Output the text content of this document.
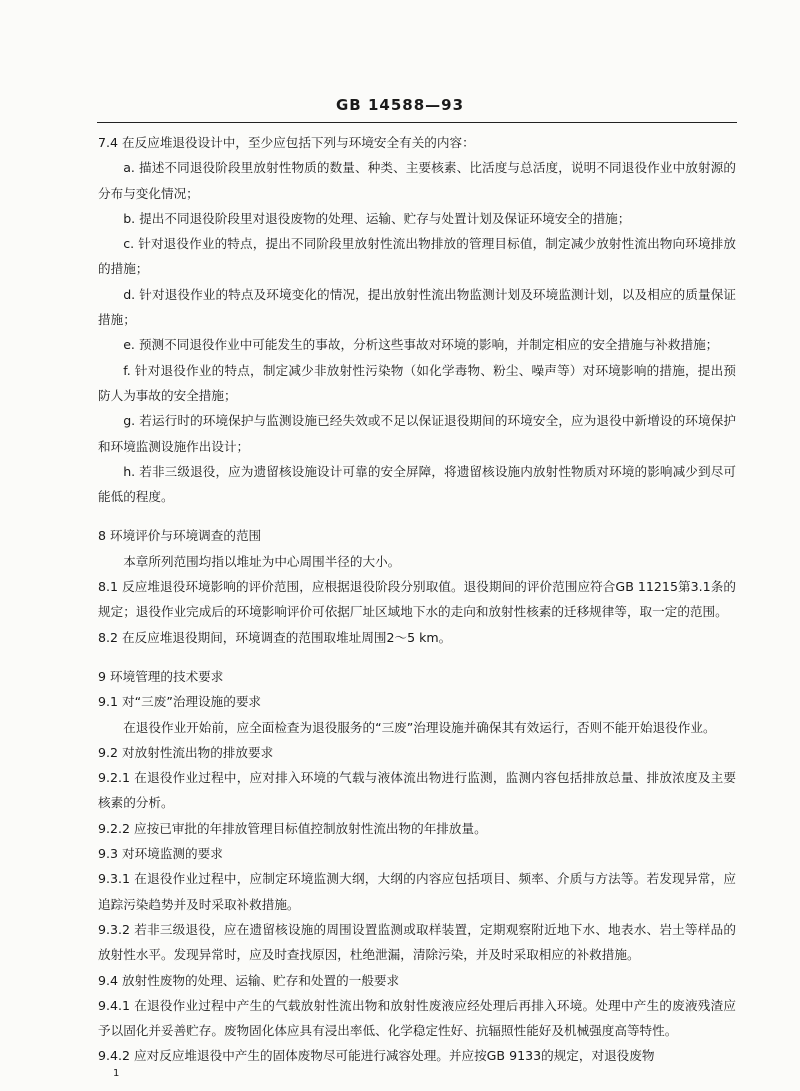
GB 14588—93

7.4 在反应堆退役设计中，至少应包括下列与环境安全有关的内容：

a. 描述不同退役阶段里放射性物质的数量、种类、主要核素、比活度与总活度，说明不同退役作业中放射源的分布与变化情况；

b. 提出不同退役阶段里对退役废物的处理、运输、贮存与处置计划及保证环境安全的措施；

c. 针对退役作业的特点，提出不同阶段里放射性流出物排放的管理目标值，制定减少放射性流出物向环境排放的措施；

d. 针对退役作业的特点及环境变化的情况，提出放射性流出物监测计划及环境监测计划，以及相应的质量保证措施；

e. 预测不同退役作业中可能发生的事故，分析这些事故对环境的影响，并制定相应的安全措施与补救措施；

f. 针对退役作业的特点，制定减少非放射性污染物（如化学毒物、粉尘、噪声等）对环境影响的措施，提出预防人为事故的安全措施；

g. 若运行时的环境保护与监测设施已经失效或不足以保证退役期间的环境安全，应为退役中新增设的环境保护和环境监测设施作出设计；

h. 若非三级退役，应为遗留核设施设计可靠的安全屏障，将遗留核设施内放射性物质对环境的影响减少到尽可能低的程度。

8 环境评价与环境调查的范围

本章所列范围均指以堆址为中心周围半径的大小。

8.1 反应堆退役环境影响的评价范围，应根据退役阶段分别取值。退役期间的评价范围应符合GB 11215第3.1条的规定；退役作业完成后的环境影响评价可依据厂址区域地下水的走向和放射性核素的迁移规律等，取一定的范围。

8.2 在反应堆退役期间，环境调查的范围取堆址周围2～5 km。

9 环境管理的技术要求

9.1 对“三废”治理设施的要求

在退役作业开始前，应全面检查为退役服务的“三废”治理设施并确保其有效运行，否则不能开始退役作业。

9.2 对放射性流出物的排放要求

9.2.1 在退役作业过程中，应对排入环境的气载与液体流出物进行监测，监测内容包括排放总量、排放浓度及主要核素的分析。

9.2.2 应按已审批的年排放管理目标值控制放射性流出物的年排放量。

9.3 对环境监测的要求

9.3.1 在退役作业过程中，应制定环境监测大纲，大纲的内容应包括项目、频率、介质与方法等。若发现异常，应追踪污染趋势并及时采取补救措施。

9.3.2 若非三级退役，应在遗留核设施的周围设置监测或取样装置，定期观察附近地下水、地表水、岩土等样品的放射性水平。发现异常时，应及时查找原因，杜绝泄漏，清除污染，并及时采取相应的补救措施。

9.4 放射性废物的处理、运输、贮存和处置的一般要求

9.4.1 在退役作业过程中产生的气载放射性流出物和放射性废液应经处理后再排入环境。处理中产生的废液残渣应予以固化并妥善贮存。废物固化体应具有浸出率低、化学稳定性好、抗辐照性能好及机械强度高等特性。

9.4.2 应对反应堆退役中产生的固体废物尽可能进行减容处理。并应按GB 9133的规定，对退役废物

1
